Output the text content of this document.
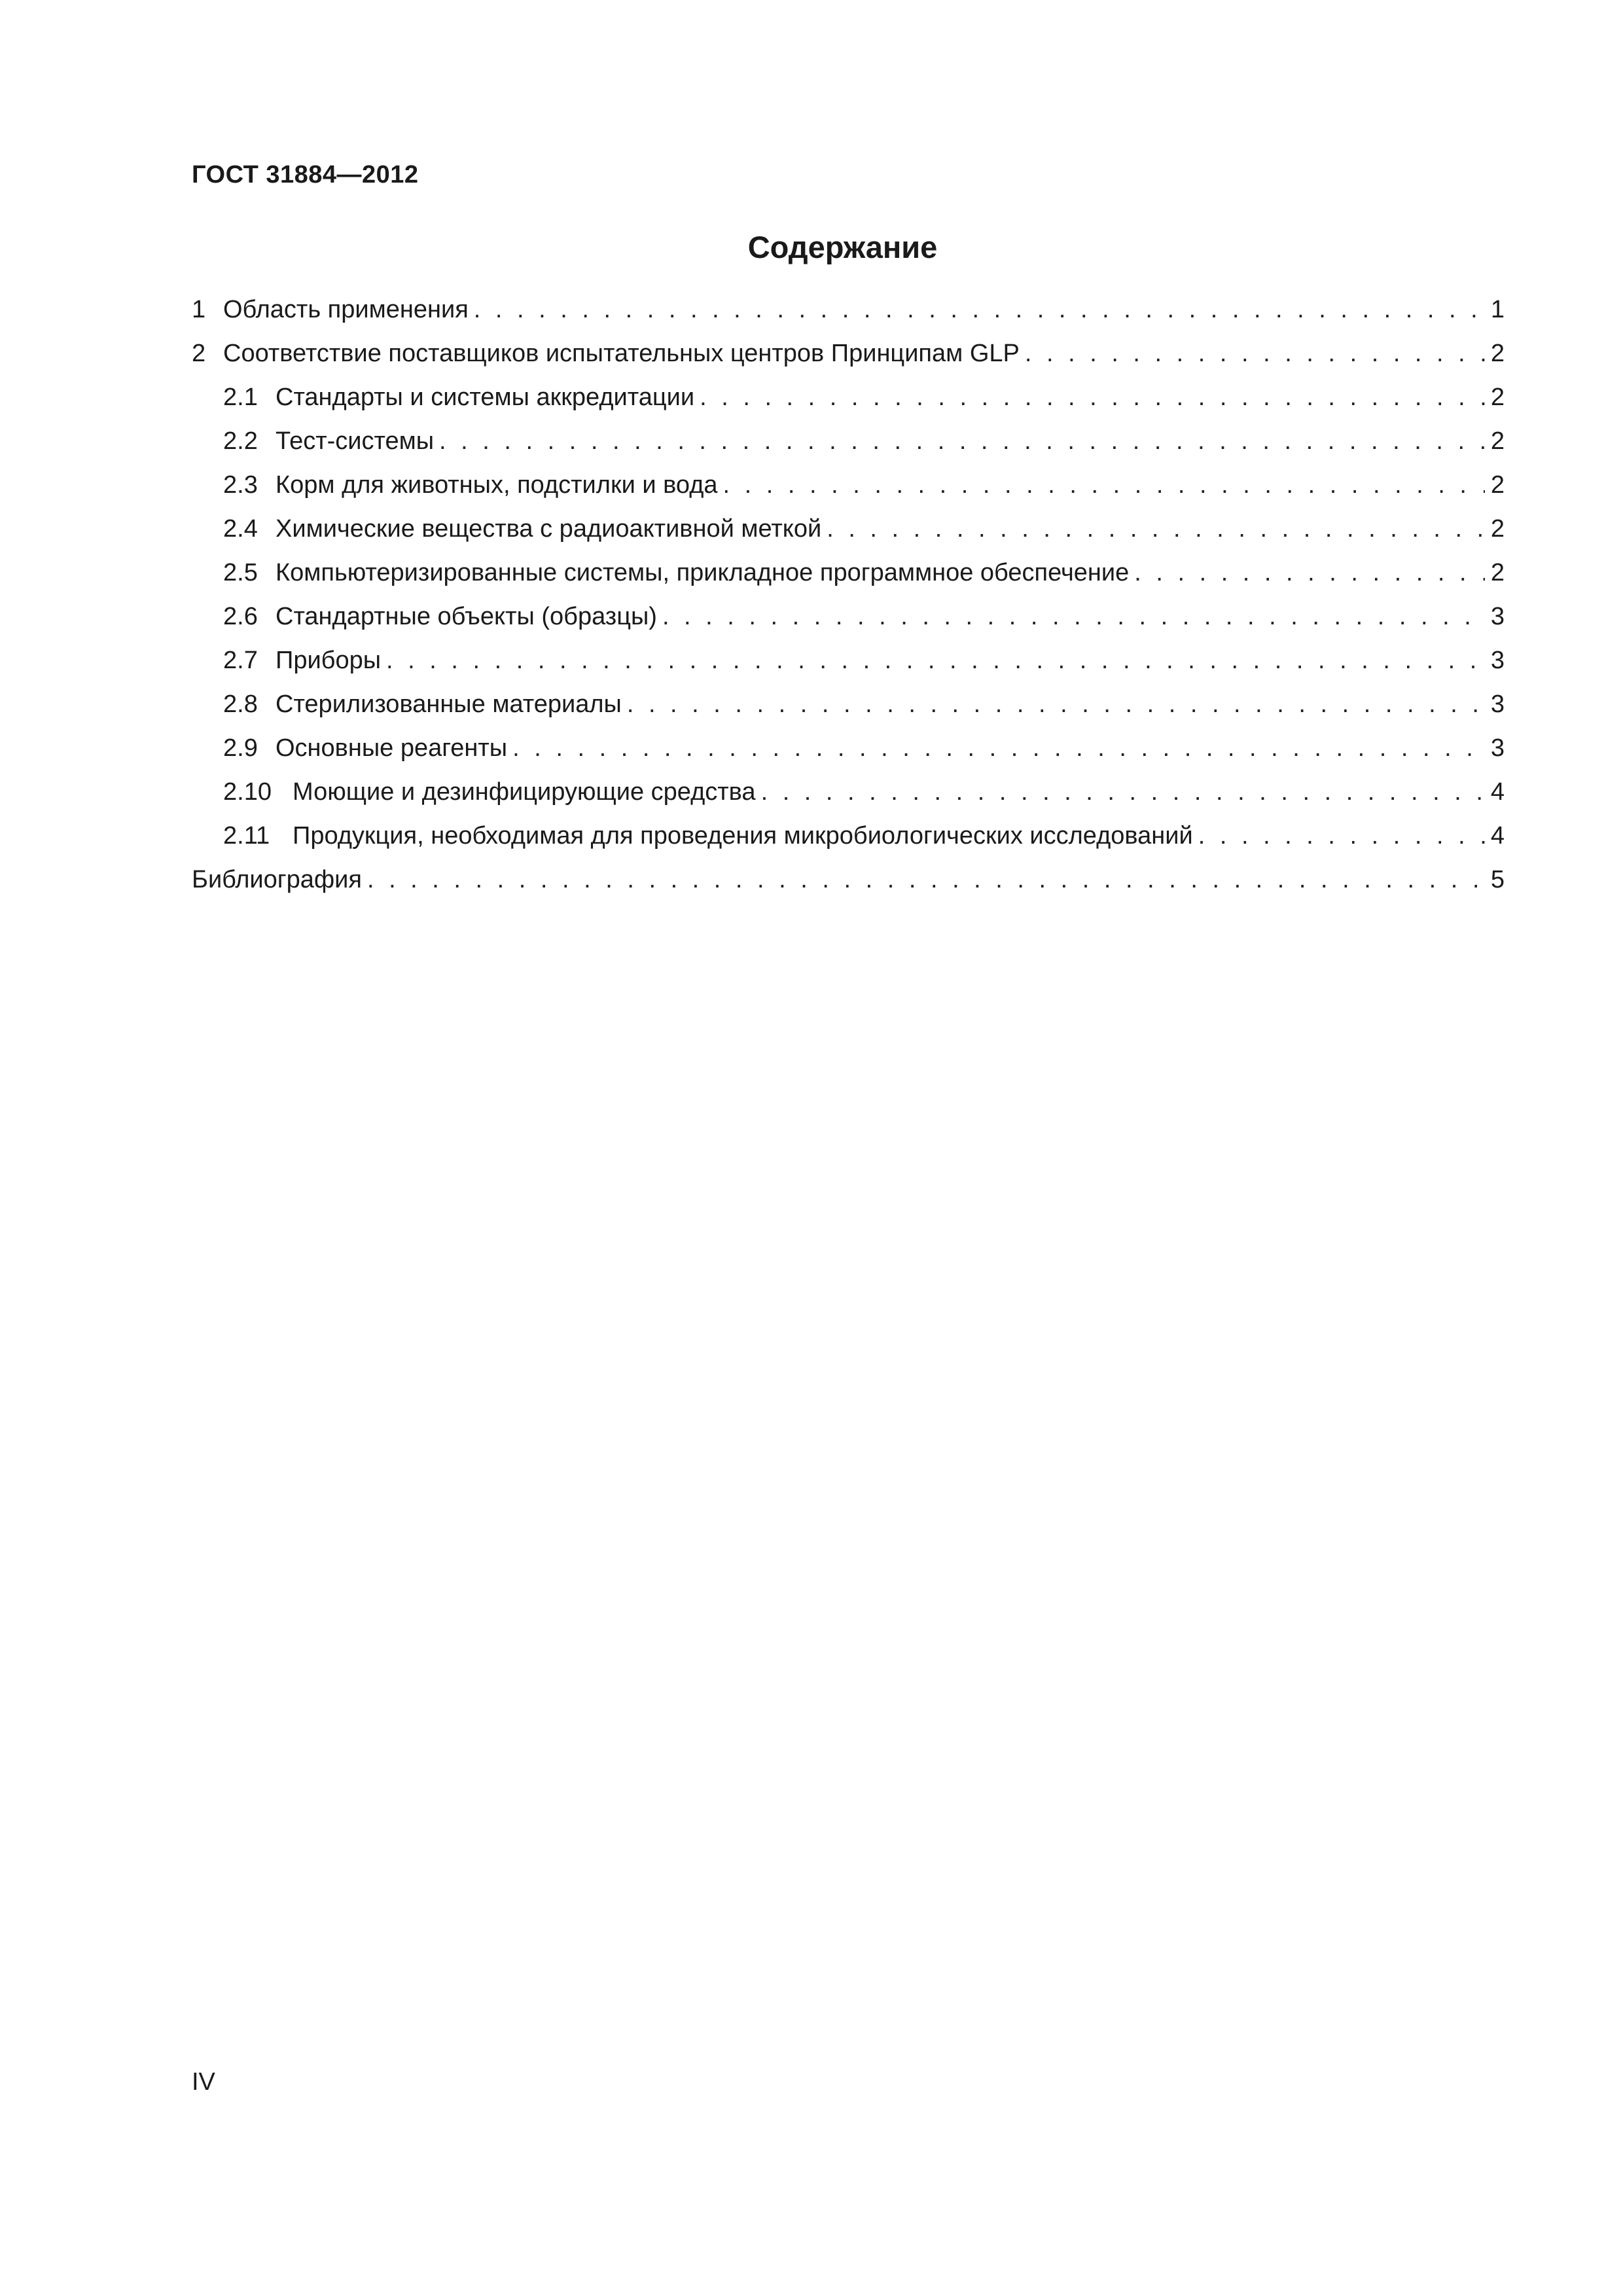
ГОСТ 31884—2012
Содержание
1 Область применения . . .	1
2 Соответствие поставщиков испытательных центров Принципам GLP . . .	2
2.1 Стандарты и системы аккредитации . . .	2
2.2 Тест-системы . . .	2
2.3 Корм для животных, подстилки и вода . . .	2
2.4 Химические вещества с радиоактивной меткой . . .	2
2.5 Компьютеризированные системы, прикладное программное обеспечение . . .	2
2.6 Стандартные объекты (образцы) . . .	3
2.7 Приборы . . .	3
2.8 Стерилизованные материалы . . .	3
2.9 Основные реагенты . . .	3
2.10 Моющие и дезинфицирующие средства . . .	4
2.11 Продукция, необходимая для проведения микробиологических исследований . . .	4
Библиография . . .	5
IV
